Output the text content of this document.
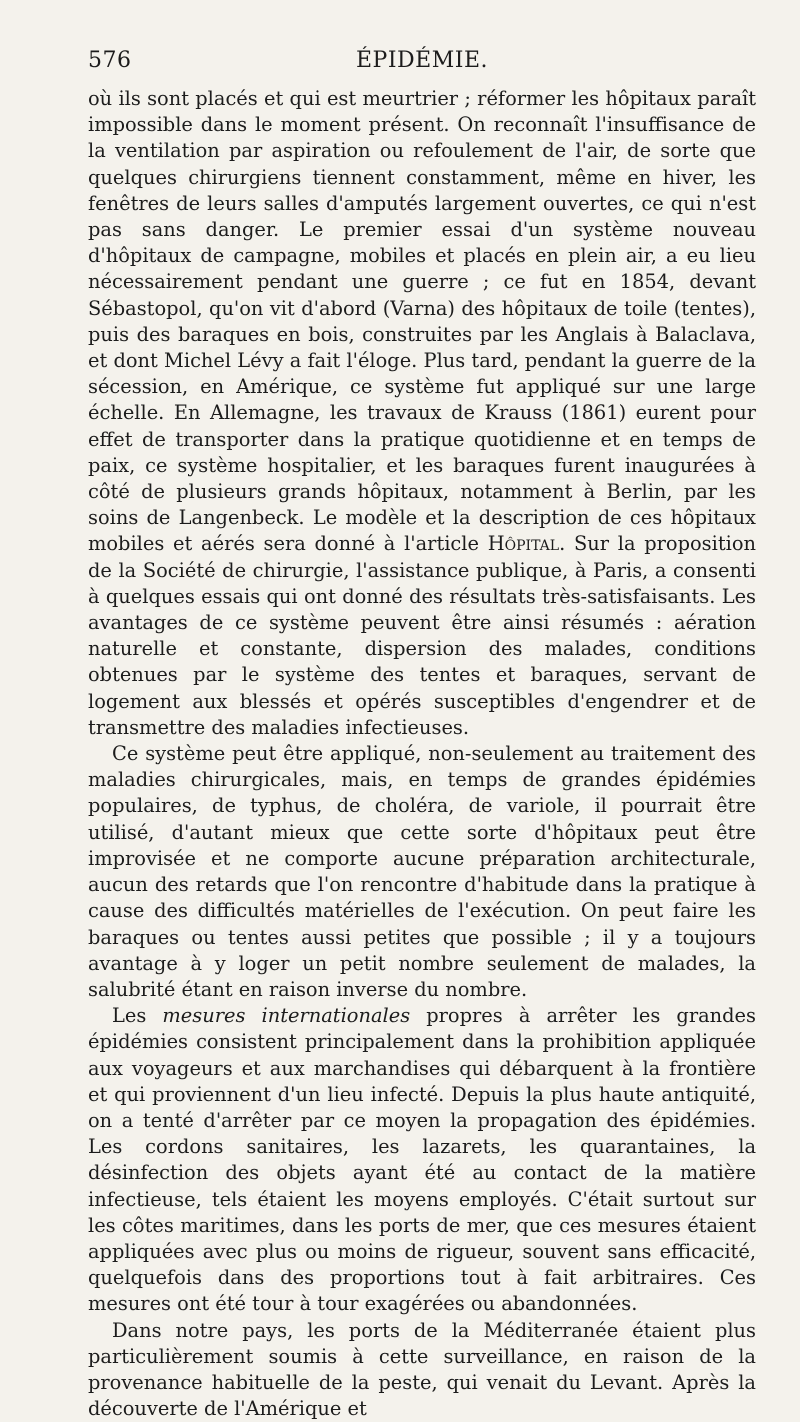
576	ÉPIDÉMIE.

où ils sont placés et qui est meurtrier ; réformer les hôpitaux paraît impossible dans le moment présent. On reconnaît l'insuffisance de la ventilation par aspiration ou refoulement de l'air, de sorte que quelques chirurgiens tiennent constamment, même en hiver, les fenêtres de leurs salles d'amputés largement ouvertes, ce qui n'est pas sans danger. Le premier essai d'un système nouveau d'hôpitaux de campagne, mobiles et placés en plein air, a eu lieu nécessairement pendant une guerre ; ce fut en 1854, devant Sébastopol, qu'on vit d'abord (Varna) des hôpitaux de toile (tentes), puis des baraques en bois, construites par les Anglais à Balaclava, et dont Michel Lévy a fait l'éloge. Plus tard, pendant la guerre de la sécession, en Amérique, ce système fut appliqué sur une large échelle. En Allemagne, les travaux de Krauss (1861) eurent pour effet de transporter dans la pratique quotidienne et en temps de paix, ce système hospitalier, et les baraques furent inaugurées à côté de plusieurs grands hôpitaux, notamment à Berlin, par les soins de Langenbeck. Le modèle et la description de ces hôpitaux mobiles et aérés sera donné à l'article Hôpital. Sur la proposition de la Société de chirurgie, l'assistance publique, à Paris, a consenti à quelques essais qui ont donné des résultats très-satisfaisants. Les avantages de ce système peuvent être ainsi résumés : aération naturelle et constante, dispersion des malades, conditions obtenues par le système des tentes et baraques, servant de logement aux blessés et opérés susceptibles d'engendrer et de transmettre des maladies infectieuses.

Ce système peut être appliqué, non-seulement au traitement des maladies chirurgicales, mais, en temps de grandes épidémies populaires, de typhus, de choléra, de variole, il pourrait être utilisé, d'autant mieux que cette sorte d'hôpitaux peut être improvisée et ne comporte aucune préparation architecturale, aucun des retards que l'on rencontre d'habitude dans la pratique à cause des difficultés matérielles de l'exécution. On peut faire les baraques ou tentes aussi petites que possible ; il y a toujours avantage à y loger un petit nombre seulement de malades, la salubrité étant en raison inverse du nombre.

Les mesures internationales propres à arrêter les grandes épidémies consistent principalement dans la prohibition appliquée aux voyageurs et aux marchandises qui débarquent à la frontière et qui proviennent d'un lieu infecté. Depuis la plus haute antiquité, on a tenté d'arrêter par ce moyen la propagation des épidémies. Les cordons sanitaires, les lazarets, les quarantaines, la désinfection des objets ayant été au contact de la matière infectieuse, tels étaient les moyens employés. C'était surtout sur les côtes maritimes, dans les ports de mer, que ces mesures étaient appliquées avec plus ou moins de rigueur, souvent sans efficacité, quelquefois dans des proportions tout à fait arbitraires. Ces mesures ont été tour à tour exagérées ou abandonnées.

Dans notre pays, les ports de la Méditerranée étaient plus particulièrement soumis à cette surveillance, en raison de la provenance habituelle de la peste, qui venait du Levant. Après la découverte de l'Amérique et
